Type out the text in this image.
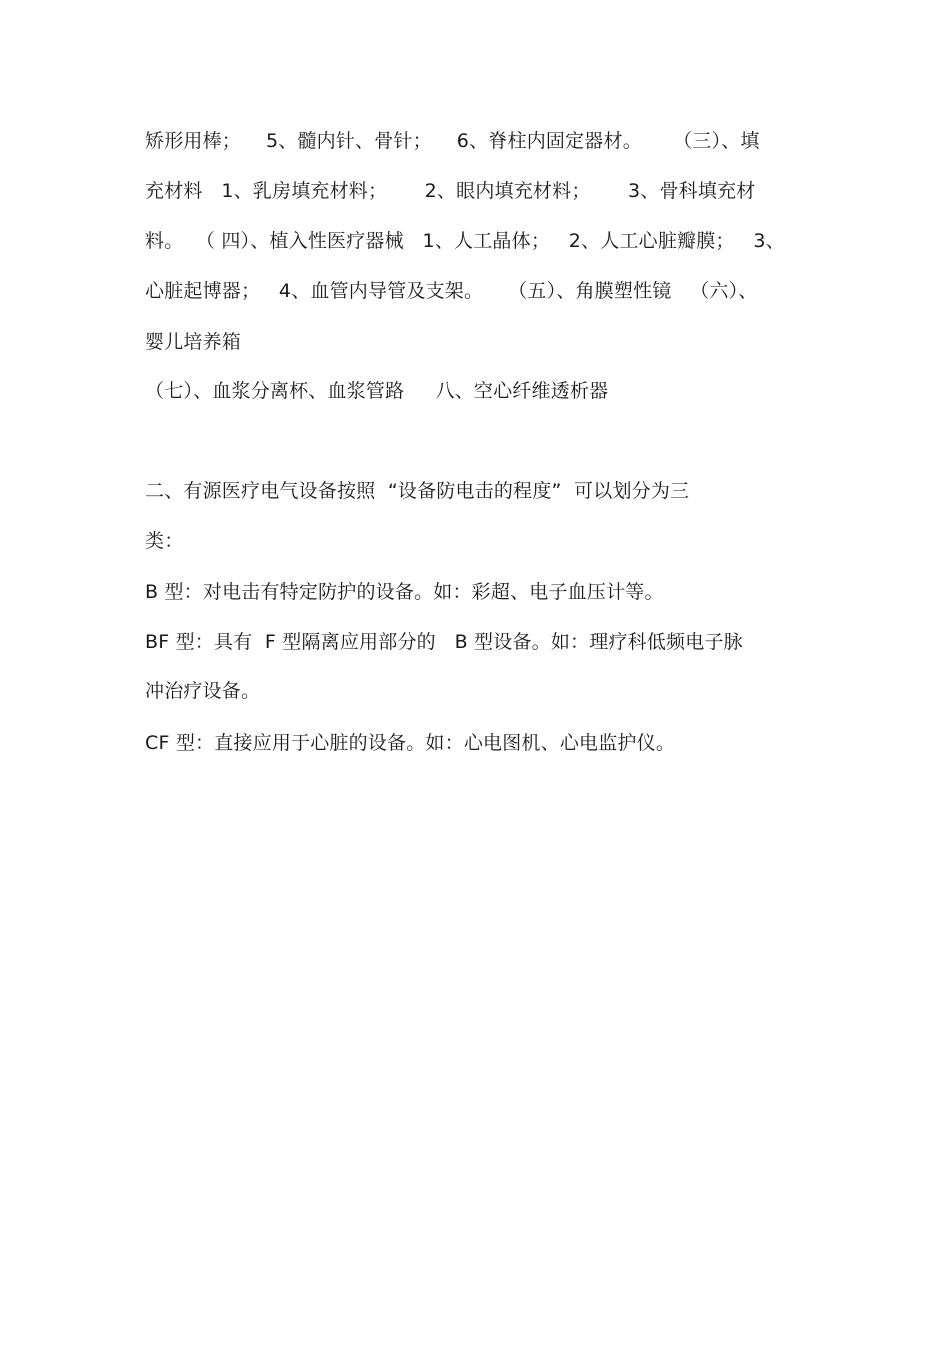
矫形用棒；    5、髓内针、骨针；    6、脊柱内固定器材。     （三）、填
充材料   1、乳房填充材料；      2、眼内填充材料；      3、骨科填充材
料。  （ 四）、植入性医疗器械   1、人工晶体；   2、人工心脏瓣膜；   3、
心脏起博器；   4、血管内导管及支架。    （五）、角膜塑性镜   （六）、
婴儿培养箱
（七）、血浆分离杯、血浆管路     八、空心纤维透析器
二、有源医疗电气设备按照  “设备防电击的程度”  可以划分为三
类：
B 型：对电击有特定防护的设备。如：彩超、电子血压计等。
BF 型：具有  F 型隔离应用部分的   B 型设备。如：理疗科低频电子脉
冲治疗设备。
CF 型：直接应用于心脏的设备。如：心电图机、心电监护仪。
